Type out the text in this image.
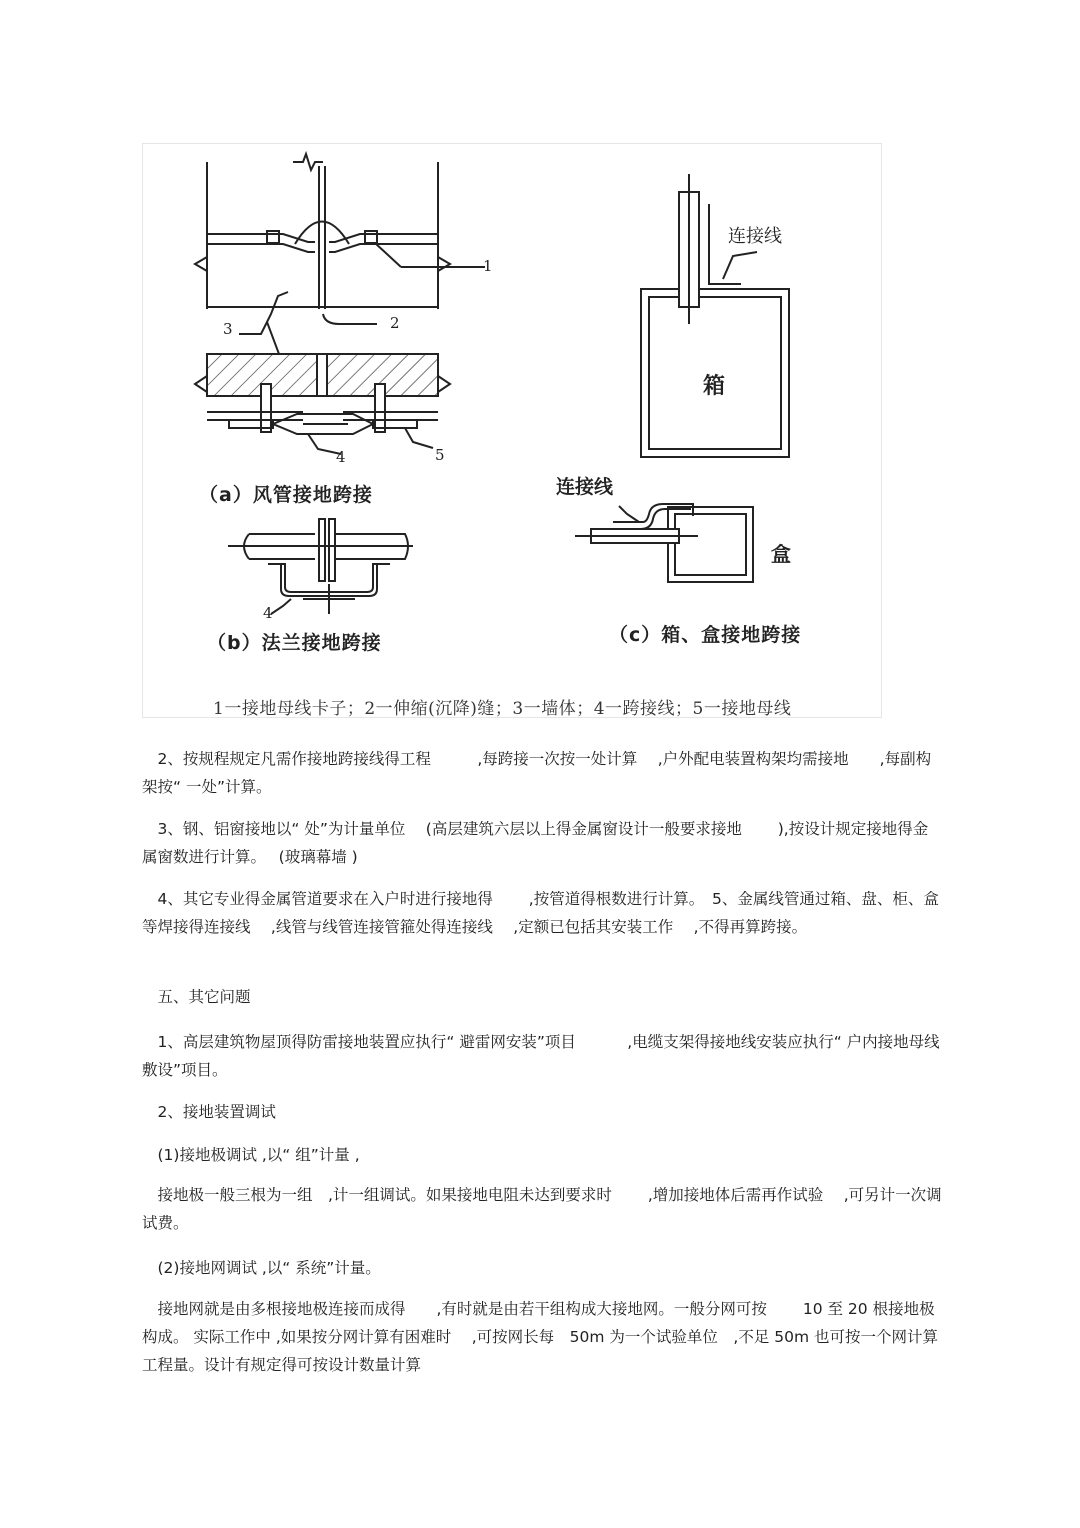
1
2
3
4	5
4
连接线
箱
连接线
盒
（a）风管接地跨接
（b）法兰接地跨接	（c）箱、盒接地跨接
1一接地母线卡子；2一伸缩(沉降)缝；3一墙体；4一跨接线；5一接地母线

　2、按规程规定凡需作接地跨接线得工程　　　,每跨接一次按一处计算　 ,户外配电装置构架均需接地　　,每副构架按“ 一处”计算。

　3、钢、铝窗接地以“ 处”为计量单位　 (高层建筑六层以上得金属窗设计一般要求接地　　 ),按设计规定接地得金属窗数进行计算。　 (玻璃幕墙 )

　4、其它专业得金属管道要求在入户时进行接地得　　 ,按管道得根数进行计算。　5、金属线管通过箱、盘、柜、盒等焊接得连接线　 ,线管与线管连接管箍处得连接线　 ,定额已包括其安装工作　 ,不得再算跨接。

　五、其它问题

　1、高层建筑物屋顶得防雷接地装置应执行“ 避雷网安装”项目　　　 ,电缆支架得接地线安装应执行“ 户内接地母线敷设”项目。

　2、接地装置调试

　(1)接地极调试 ,以“ 组”计量 ,

　接地极一般三根为一组　,计一组调试。如果接地电阻未达到要求时　　 ,增加接地体后需再作试验　 ,可另计一次调试费。

　(2)接地网调试 ,以“ 系统”计量。

　接地网就是由多根接地极连接而成得　　,有时就是由若干组构成大接地网。一般分网可按　　 10 至 20 根接地极构成。 实际工作中 ,如果按分网计算有困难时　 ,可按网长每　50m 为一个试验单位　,不足 50m 也可按一个网计算工程量。设计有规定得可按设计数量计算
